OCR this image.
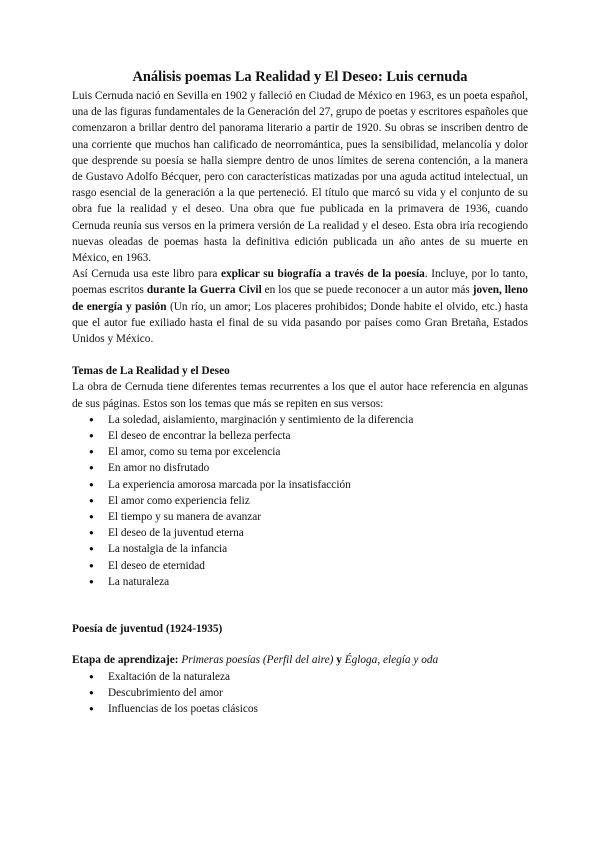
Análisis poemas La Realidad y El Deseo: Luis cernuda

Luis Cernuda nació en Sevilla en 1902 y falleció en Ciudad de México en 1963, es un poeta español, una de las figuras fundamentales de la Generación del 27, grupo de poetas y escritores españoles que comenzaron a brillar dentro del panorama literario a partir de 1920. Su obras se inscriben dentro de una corriente que muchos han calificado de neorromántica, pues la sensibilidad, melancolía y dolor que desprende su poesía se halla siempre dentro de unos límites de serena contención, a la manera de Gustavo Adolfo Bécquer, pero con características matizadas por una aguda actitud intelectual, un rasgo esencial de la generación a la que perteneció. El título que marcó su vida y el conjunto de su obra fue la realidad y el deseo. Una obra que fue publicada en la primavera de 1936, cuando Cernuda reunía sus versos en la primera versión de La realidad y el deseo. Esta obra iría recogiendo nuevas oleadas de poemas hasta la definitiva edición publicada un año antes de su muerte en México, en 1963.

Así Cernuda usa este libro para explicar su biografía a través de la poesía. Incluye, por lo tanto, poemas escritos durante la Guerra Civil en los que se puede reconocer a un autor más joven, lleno de energía y pasión (Un río, un amor; Los placeres prohibidos; Donde habite el olvido, etc.) hasta que el autor fue exiliado hasta el final de su vida pasando por países como Gran Bretaña, Estados Unidos y México.

Temas de La Realidad y el Deseo

La obra de Cernuda tiene diferentes temas recurrentes a los que el autor hace referencia en algunas de sus páginas. Estos son los temas que más se repiten en sus versos:

● La soledad, aislamiento, marginación y sentimiento de la diferencia
● El deseo de encontrar la belleza perfecta
● El amor, como su tema por excelencia
● En amor no disfrutado
● La experiencia amorosa marcada por la insatisfacción
● El amor como experiencia feliz
● El tiempo y su manera de avanzar
● El deseo de la juventud eterna
● La nostalgia de la infancia
● El deseo de eternidad
● La naturaleza
Poesía de juventud (1924-1935)

Etapa de aprendizaje: Primeras poesías (Perfil del aire) y Égloga, elegía y oda

● Exaltación de la naturaleza
● Descubrimiento del amor
● Influencias de los poetas clásicos
